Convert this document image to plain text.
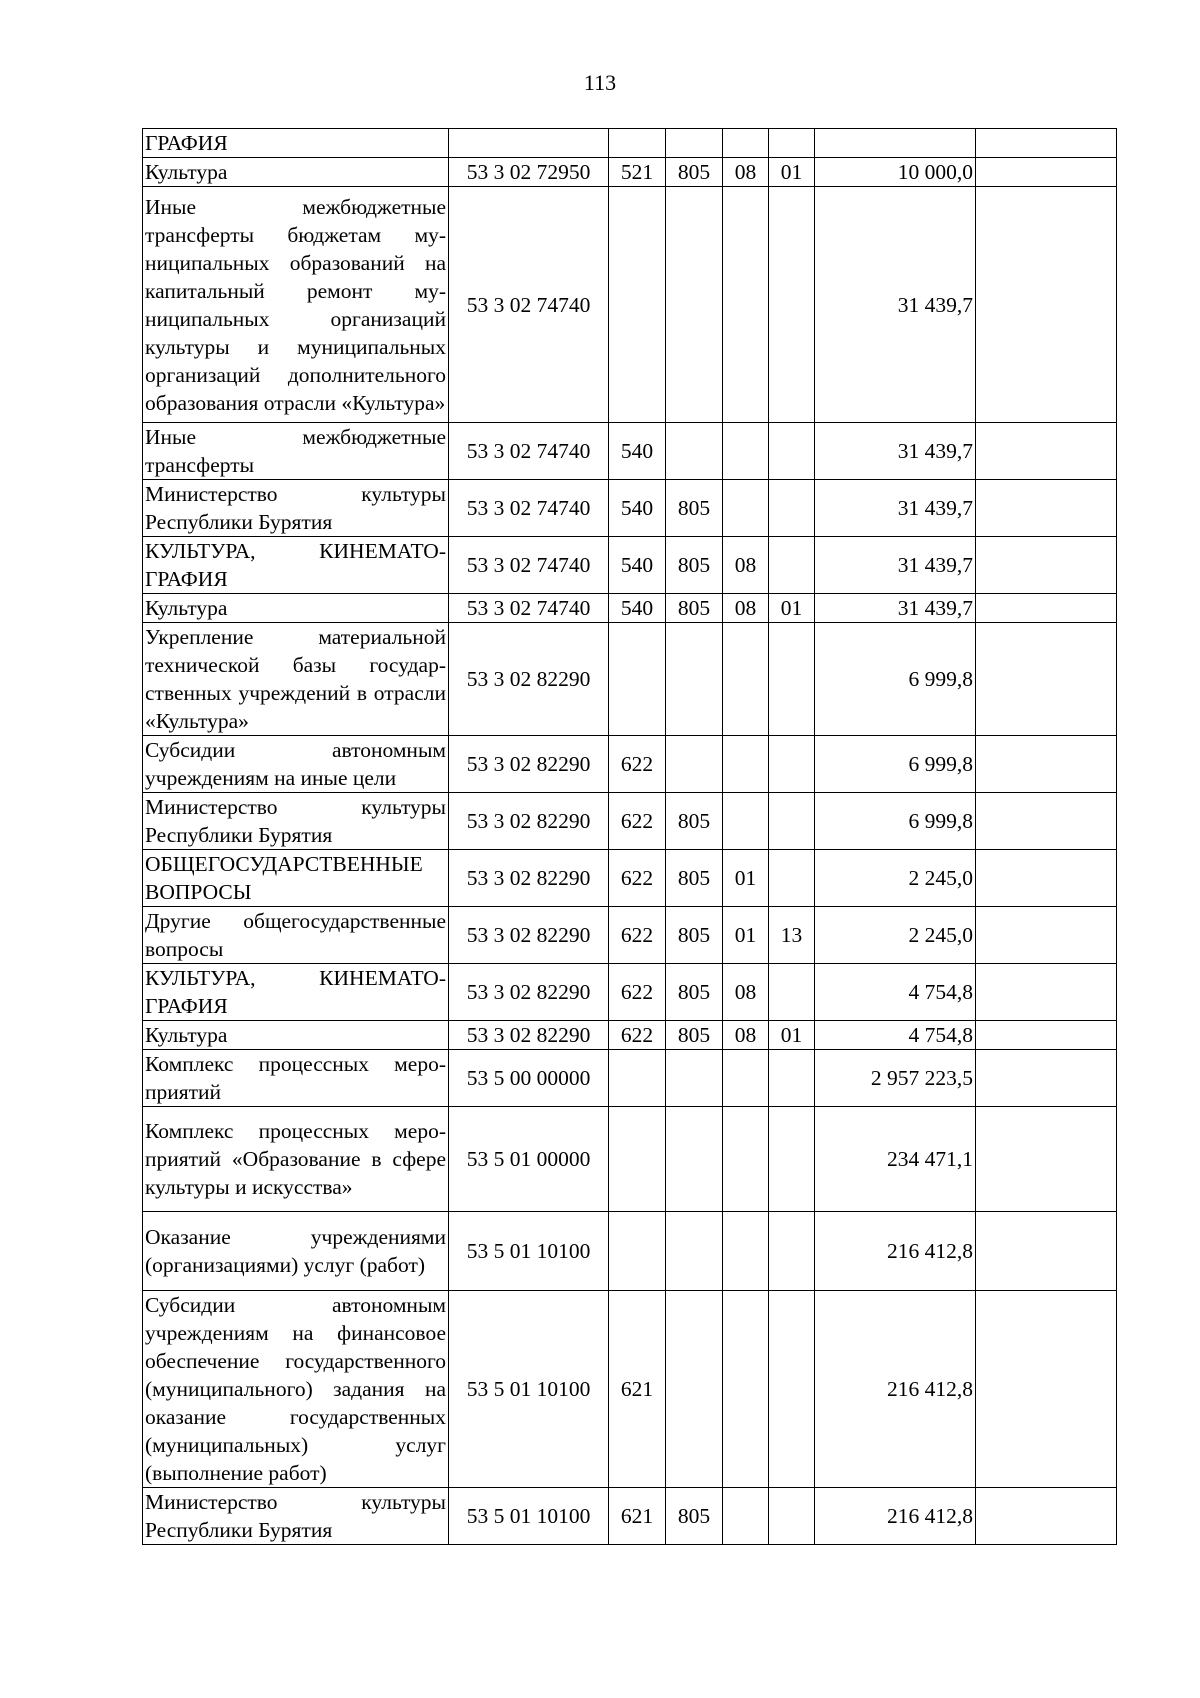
113
ГРАФИЯ							
Культура	53 3 02 72950	521	805	08	01	10 000,0	
Иные межбюджетные трансферты бюджетам муниципальных образований на капитальный ремонт муниципальных организаций культуры и муниципальных организаций дополнительного образования отрасли «Культура»	53 3 02 74740					31 439,7	
Иные межбюджетные трансферты	53 3 02 74740	540				31 439,7	
Министерство культуры Республики Бурятия	53 3 02 74740	540	805			31 439,7	
КУЛЬТУРА, КИНЕМАТОГРАФИЯ	53 3 02 74740	540	805	08		31 439,7	
Культура	53 3 02 74740	540	805	08	01	31 439,7	
Укрепление материальной технической базы государственных учреждений в отрасли «Культура»	53 3 02 82290					6 999,8	
Субсидии автономным учреждениям на иные цели	53 3 02 82290	622				6 999,8	
Министерство культуры Республики Бурятия	53 3 02 82290	622	805			6 999,8	
ОБЩЕГОСУДАРСТВЕННЫЕ ВОПРОСЫ	53 3 02 82290	622	805	01		2 245,0	
Другие общегосударственные вопросы	53 3 02 82290	622	805	01	13	2 245,0	
КУЛЬТУРА, КИНЕМАТОГРАФИЯ	53 3 02 82290	622	805	08		4 754,8	
Культура	53 3 02 82290	622	805	08	01	4 754,8	
Комплекс процессных мероприятий	53 5 00 00000					2 957 223,5	
Комплекс процессных мероприятий «Образование в сфере культуры и искусства»	53 5 01 00000					234 471,1	
Оказание учреждениями (организациями) услуг (работ)	53 5 01 10100					216 412,8	
Субсидии автономным учреждениям на финансовое обеспечение государственного (муниципального) задания на оказание государственных (муниципальных) услуг (выполнение работ)	53 5 01 10100	621				216 412,8	
Министерство культуры Республики Бурятия	53 5 01 10100	621	805			216 412,8	
